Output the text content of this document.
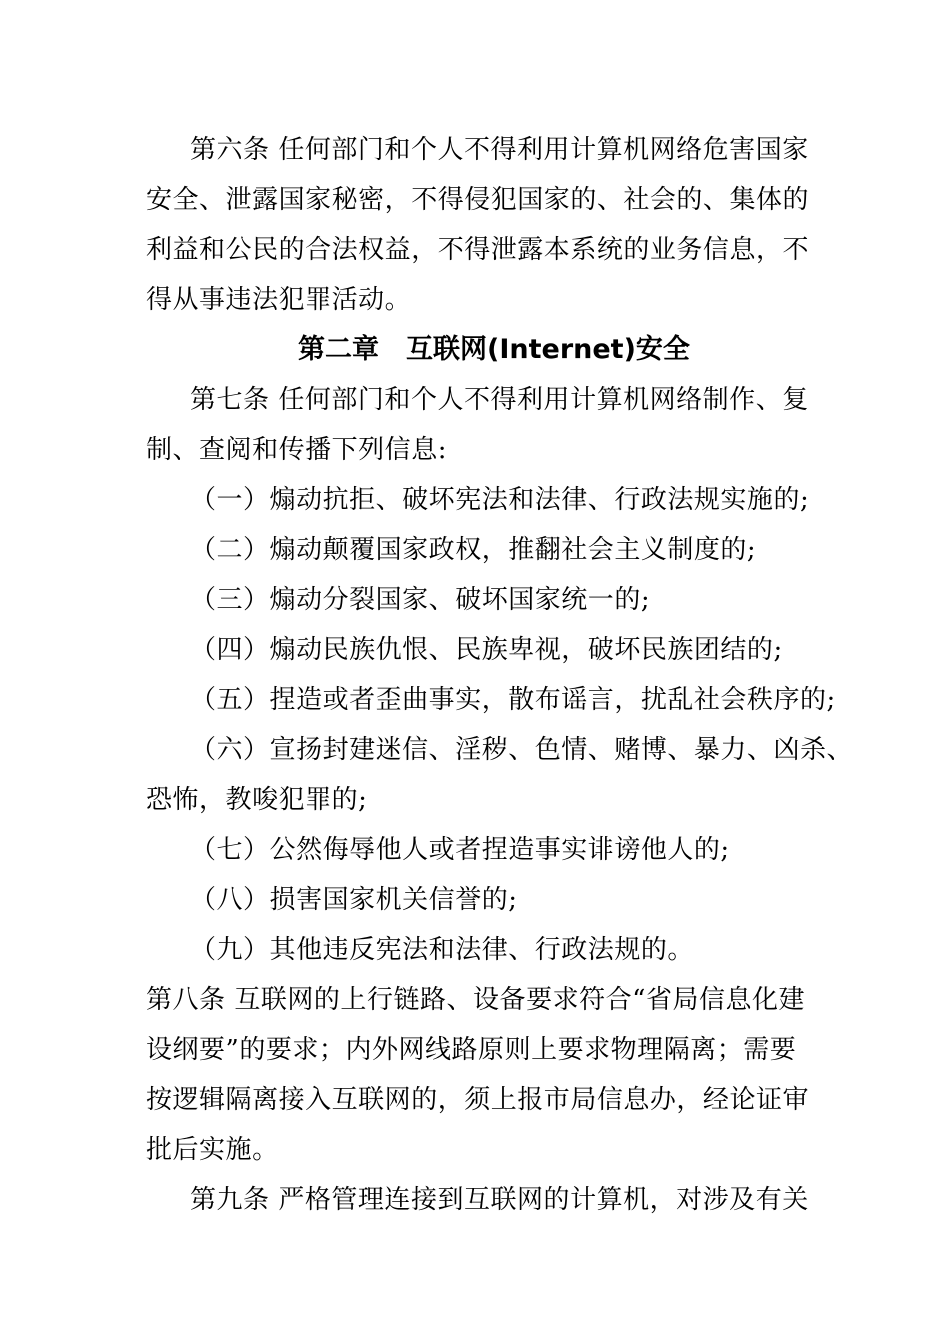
第六条 任何部门和个人不得利用计算机网络危害国家
安全、泄露国家秘密，不得侵犯国家的、社会的、集体的
利益和公民的合法权益，不得泄露本系统的业务信息，不
得从事违法犯罪活动。
第二章　互联网(Internet)安全
第七条 任何部门和个人不得利用计算机网络制作、复
制、查阅和传播下列信息:
（一）煽动抗拒、破坏宪法和法律、行政法规实施的;
（二）煽动颠覆国家政权，推翻社会主义制度的;
（三）煽动分裂国家、破坏国家统一的;
（四）煽动民族仇恨、民族卑视，破坏民族团结的;
（五）捏造或者歪曲事实，散布谣言，扰乱社会秩序的;
（六）宣扬封建迷信、淫秽、色情、赌博、暴力、凶杀、
恐怖，教唆犯罪的;
（七）公然侮辱他人或者捏造事实诽谤他人的;
（八）损害国家机关信誉的;
（九）其他违反宪法和法律、行政法规的。
第八条 互联网的上行链路、设备要求符合“省局信息化建
设纲要”的要求；内外网线路原则上要求物理隔离；需要
按逻辑隔离接入互联网的，须上报市局信息办，经论证审
批后实施。
第九条 严格管理连接到互联网的计算机，对涉及有关
